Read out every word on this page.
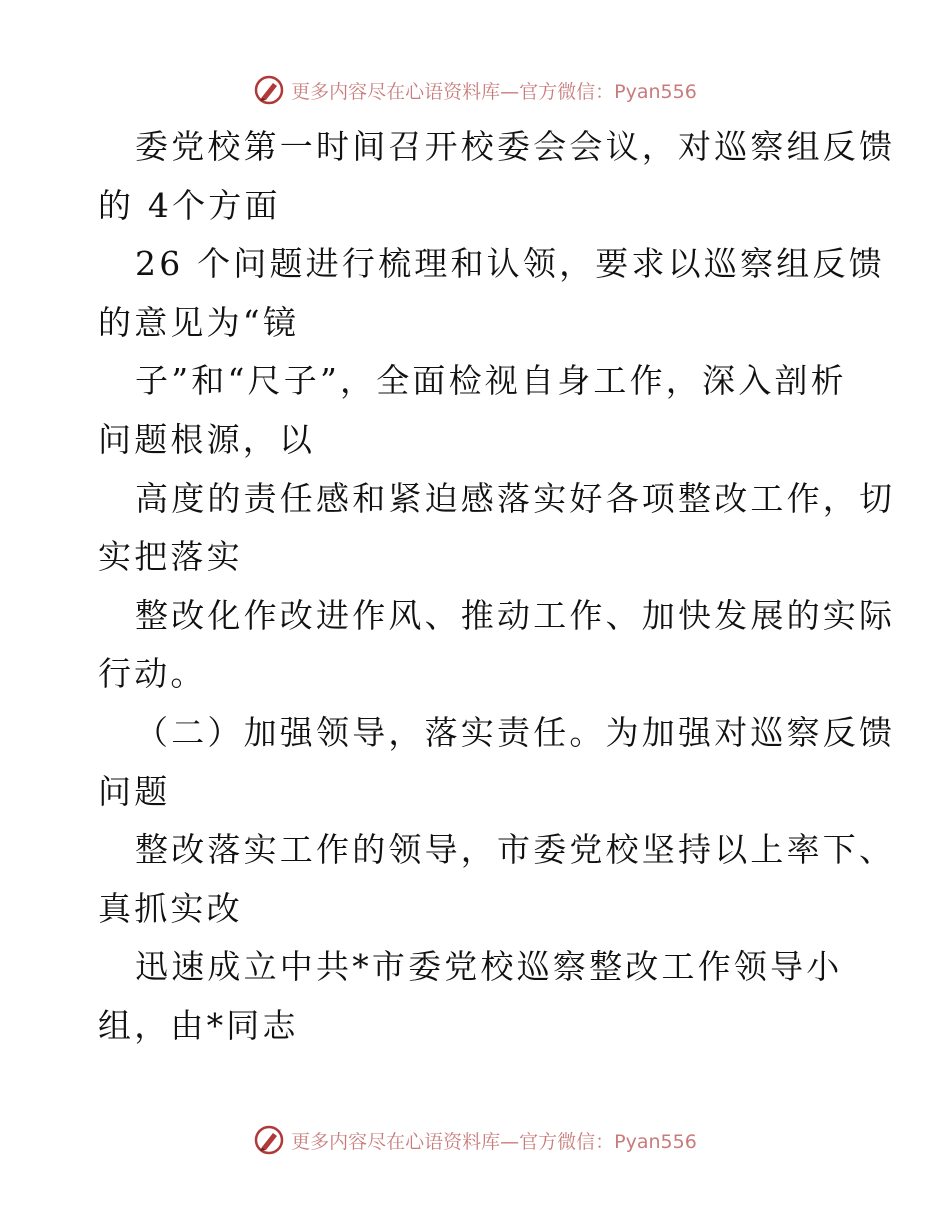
更多内容尽在心语资料库—官方微信：Pyan556
委党校第一时间召开校委会会议，对巡察组反馈
的 4个方面
26 个问题进行梳理和认领，要求以巡察组反馈
的意见为“镜
子”和“尺子”，全面检视自身工作，深入剖析
问题根源，以
高度的责任感和紧迫感落实好各项整改工作，切
实把落实
整改化作改进作风、推动工作、加快发展的实际
行动。
（二）加强领导，落实责任。为加强对巡察反馈
问题
整改落实工作的领导，市委党校坚持以上率下、
真抓实改
迅速成立中共*市委党校巡察整改工作领导小
组，由*同志
更多内容尽在心语资料库—官方微信：Pyan556
